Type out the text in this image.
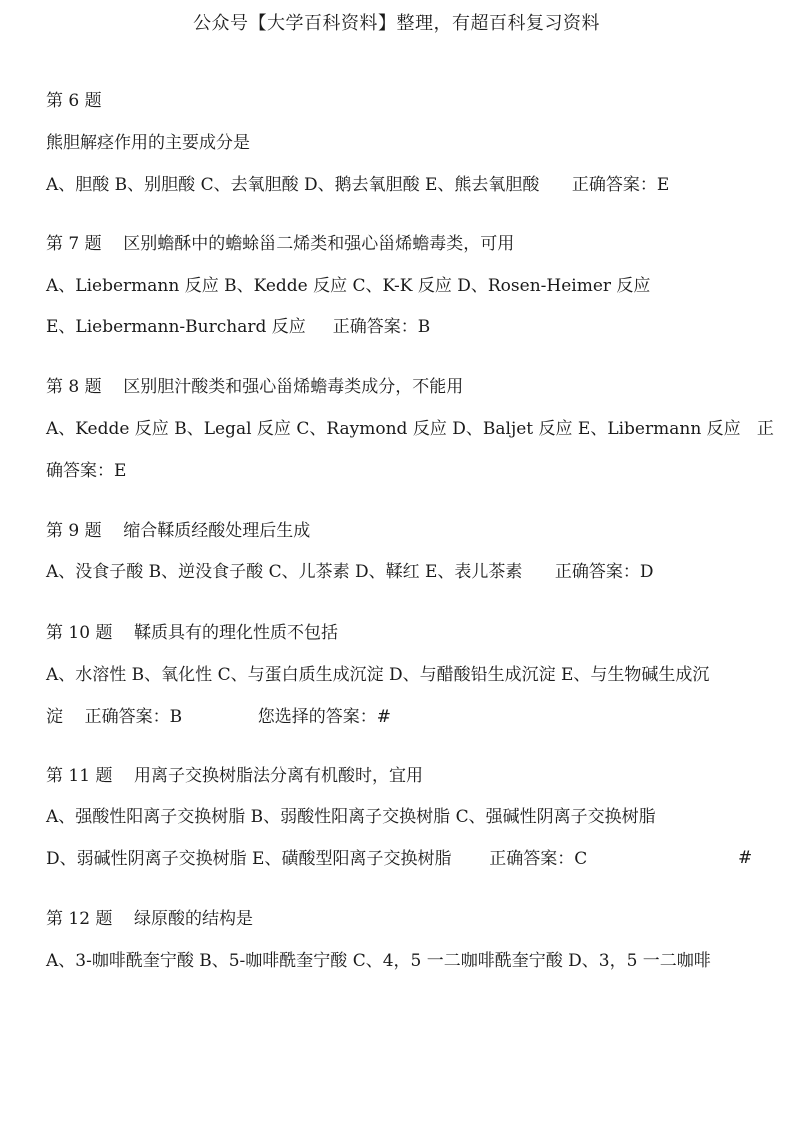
公众号【大学百科资料】整理，有超百科复习资料
第 6 题
熊胆解痉作用的主要成分是
A、胆酸 B、别胆酸 C、去氧胆酸 D、鹅去氧胆酸 E、熊去氧胆酸      正确答案：E
第 7 题    区别蟾酥中的蟾蜍甾二烯类和强心甾烯蟾毒类，可用
A、Liebermann 反应 B、Kedde 反应 C、K-K 反应 D、Rosen-Heimer 反应
E、Liebermann-Burchard 反应     正确答案：B
第 8 题    区别胆汁酸类和强心甾烯蟾毒类成分，不能用
A、Kedde 反应 B、Legal 反应 C、Raymond 反应 D、Baljet 反应 E、Libermann 反应   正
确答案：E
第 9 题    缩合鞣质经酸处理后生成
A、没食子酸 B、逆没食子酸 C、儿茶素 D、鞣红 E、表儿茶素      正确答案：D
第 10 题    鞣质具有的理化性质不包括
A、水溶性 B、氧化性 C、与蛋白质生成沉淀 D、与醋酸铅生成沉淀 E、与生物碱生成沉
淀    正确答案：B              您选择的答案：#
第 11 题    用离子交换树脂法分离有机酸时，宜用
A、强酸性阳离子交换树脂 B、弱酸性阳离子交换树脂 C、强碱性阴离子交换树脂
D、弱碱性阴离子交换树脂 E、磺酸型阳离子交换树脂       正确答案：C	#
第 12 题    绿原酸的结构是
A、3-咖啡酰奎宁酸 B、5-咖啡酰奎宁酸 C、4，5 一二咖啡酰奎宁酸 D、3，5 一二咖啡
